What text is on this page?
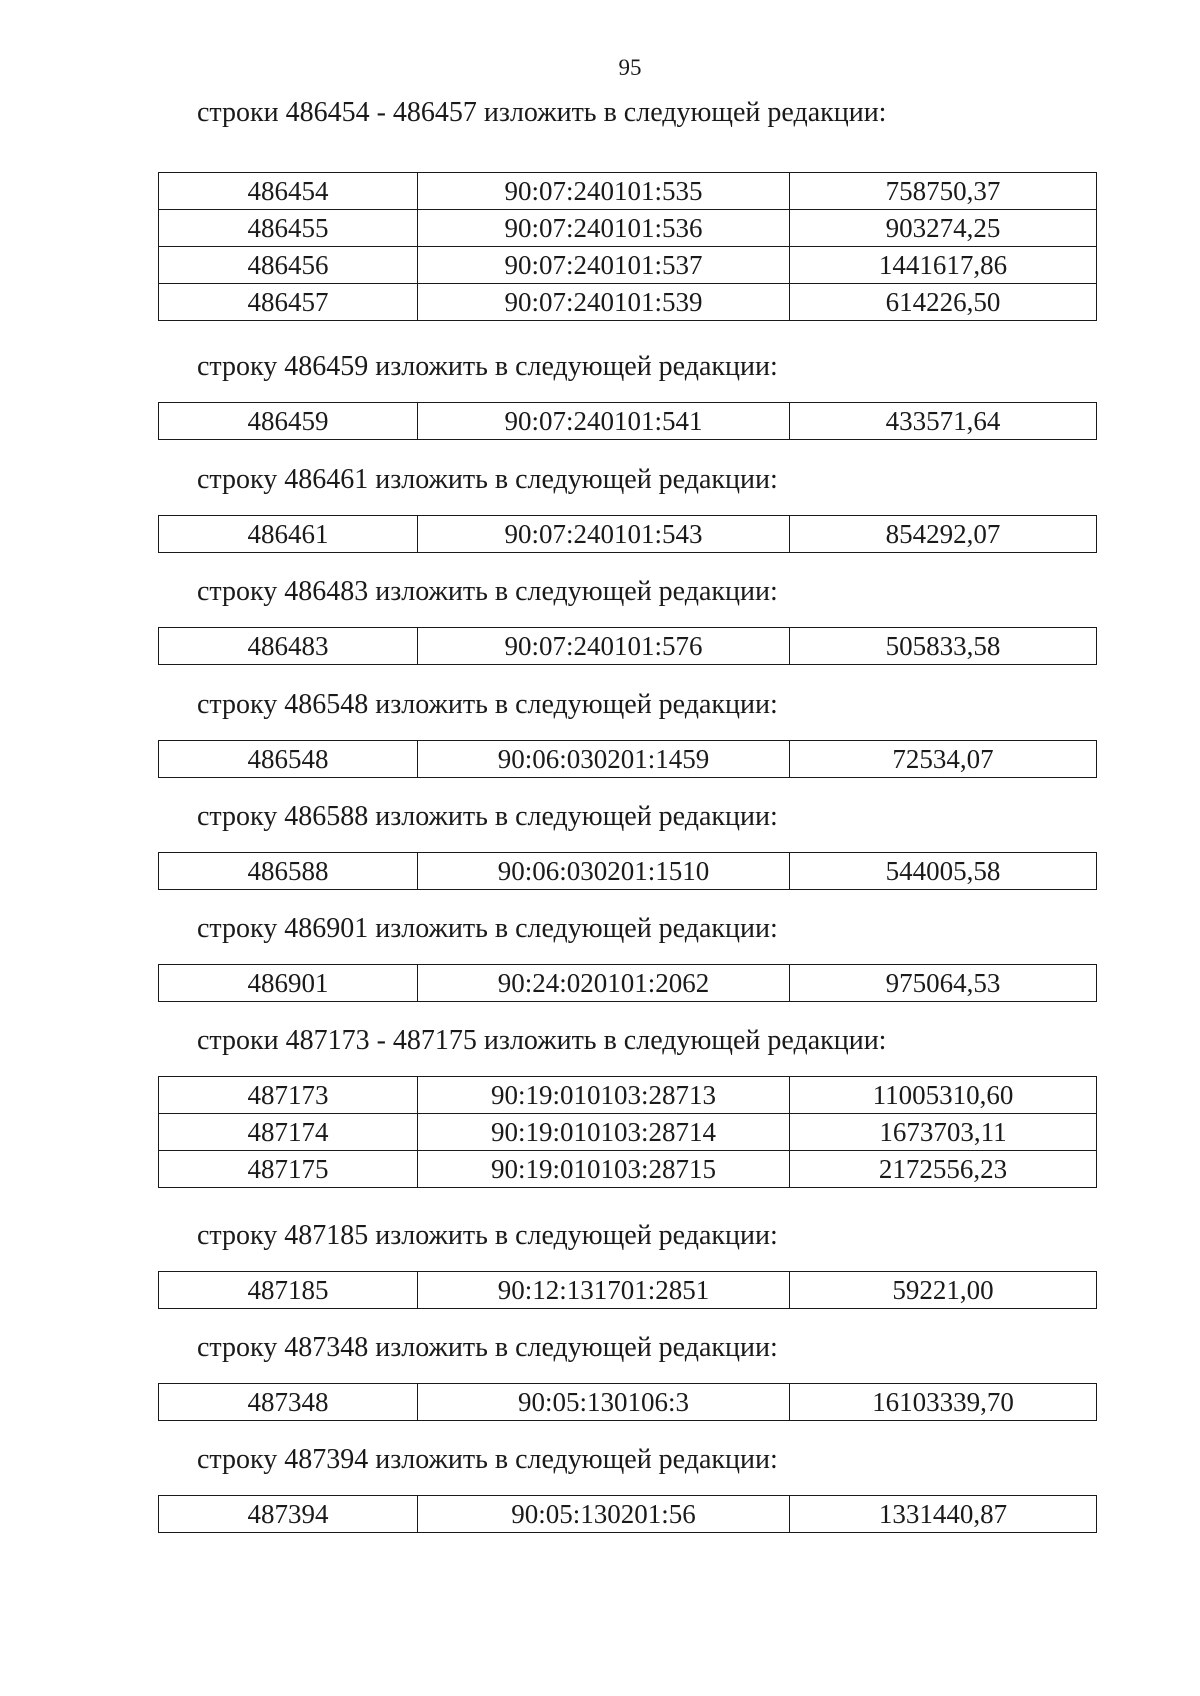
95
строки 486454 - 486457 изложить в следующей редакции:
486454	90:07:240101:535	758750,37
486455	90:07:240101:536	903274,25
486456	90:07:240101:537	1441617,86
486457	90:07:240101:539	614226,50
строку 486459 изложить в следующей редакции:
486459	90:07:240101:541	433571,64
строку 486461 изложить в следующей редакции:
486461	90:07:240101:543	854292,07
строку 486483 изложить в следующей редакции:
486483	90:07:240101:576	505833,58
строку 486548 изложить в следующей редакции:
486548	90:06:030201:1459	72534,07
строку 486588 изложить в следующей редакции:
486588	90:06:030201:1510	544005,58
строку 486901 изложить в следующей редакции:
486901	90:24:020101:2062	975064,53
строки 487173 - 487175 изложить в следующей редакции:
487173	90:19:010103:28713	11005310,60
487174	90:19:010103:28714	1673703,11
487175	90:19:010103:28715	2172556,23
строку 487185 изложить в следующей редакции:
487185	90:12:131701:2851	59221,00
строку 487348 изложить в следующей редакции:
487348	90:05:130106:3	16103339,70
строку 487394 изложить в следующей редакции:
487394	90:05:130201:56	1331440,87
